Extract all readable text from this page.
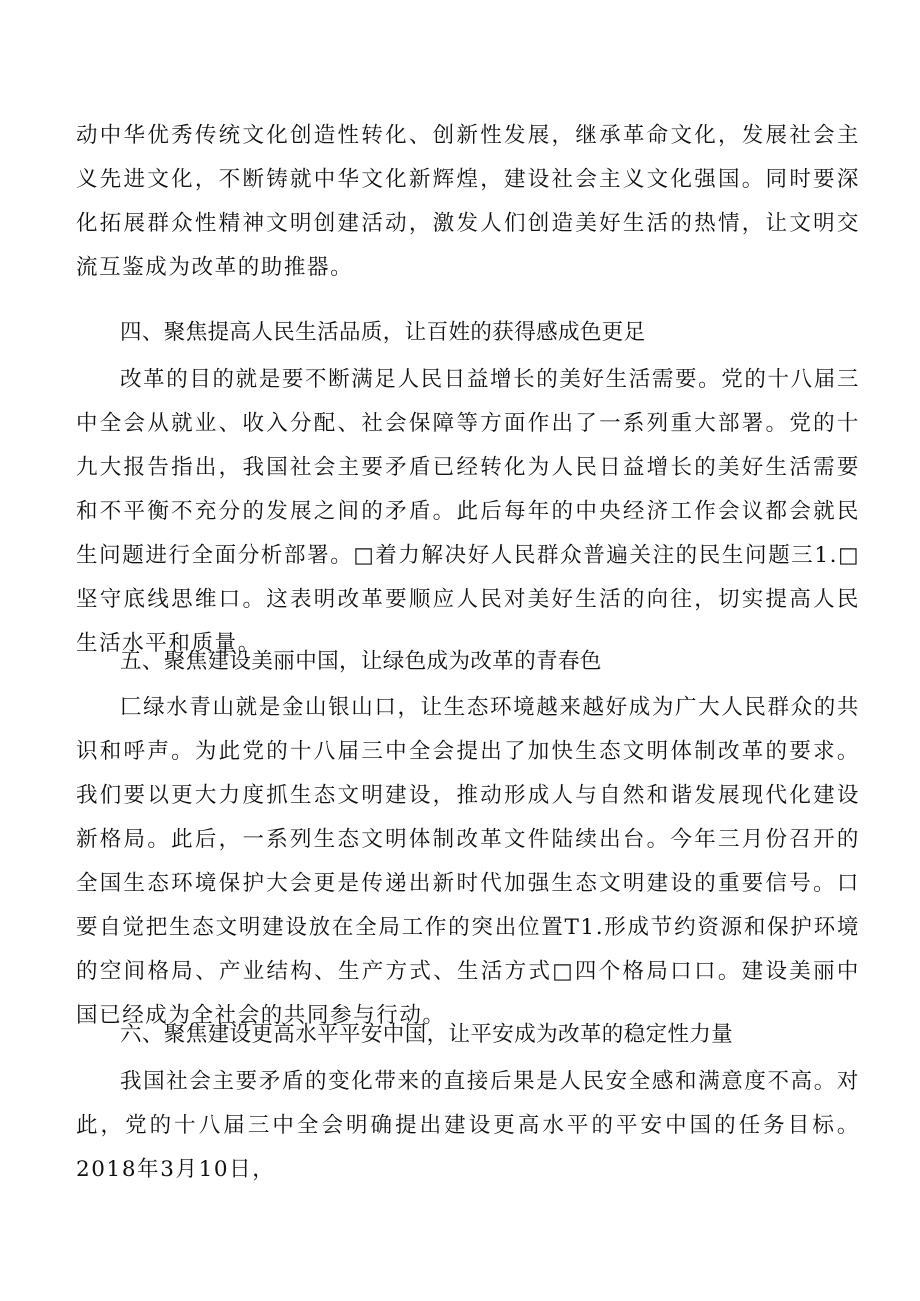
动中华优秀传统文化创造性转化、创新性发展，继承革命文化，发展社会主义先进文化，不断铸就中华文化新辉煌，建设社会主义文化强国。同时要深化拓展群众性精神文明创建活动，激发人们创造美好生活的热情，让文明交流互鉴成为改革的助推器。

四、聚焦提高人民生活品质，让百姓的获得感成色更足

改革的目的就是要不断满足人民日益增长的美好生活需要。党的十八届三中全会从就业、收入分配、社会保障等方面作出了一系列重大部署。党的十九大报告指出，我国社会主要矛盾已经转化为人民日益增长的美好生活需要和不平衡不充分的发展之间的矛盾。此后每年的中央经济工作会议都会就民生问题进行全面分析部署。□着力解决好人民群众普遍关注的民生问题三1.□坚守底线思维口。这表明改革要顺应人民对美好生活的向往，切实提高人民生活水平和质量。

五、聚焦建设美丽中国，让绿色成为改革的青春色

匚绿水青山就是金山银山口，让生态环境越来越好成为广大人民群众的共识和呼声。为此党的十八届三中全会提出了加快生态文明体制改革的要求。我们要以更大力度抓生态文明建设，推动形成人与自然和谐发展现代化建设新格局。此后，一系列生态文明体制改革文件陆续出台。今年三月份召开的全国生态环境保护大会更是传递出新时代加强生态文明建设的重要信号。口要自觉把生态文明建设放在全局工作的突出位置T1.形成节约资源和保护环境的空间格局、产业结构、生产方式、生活方式□四个格局口口。建设美丽中国已经成为全社会的共同参与行动。

六、聚焦建设更高水平平安中国，让平安成为改革的稳定性力量

我国社会主要矛盾的变化带来的直接后果是人民安全感和满意度不高。对此，党的十八届三中全会明确提出建设更高水平的平安中国的任务目标。2018年3月10日，
